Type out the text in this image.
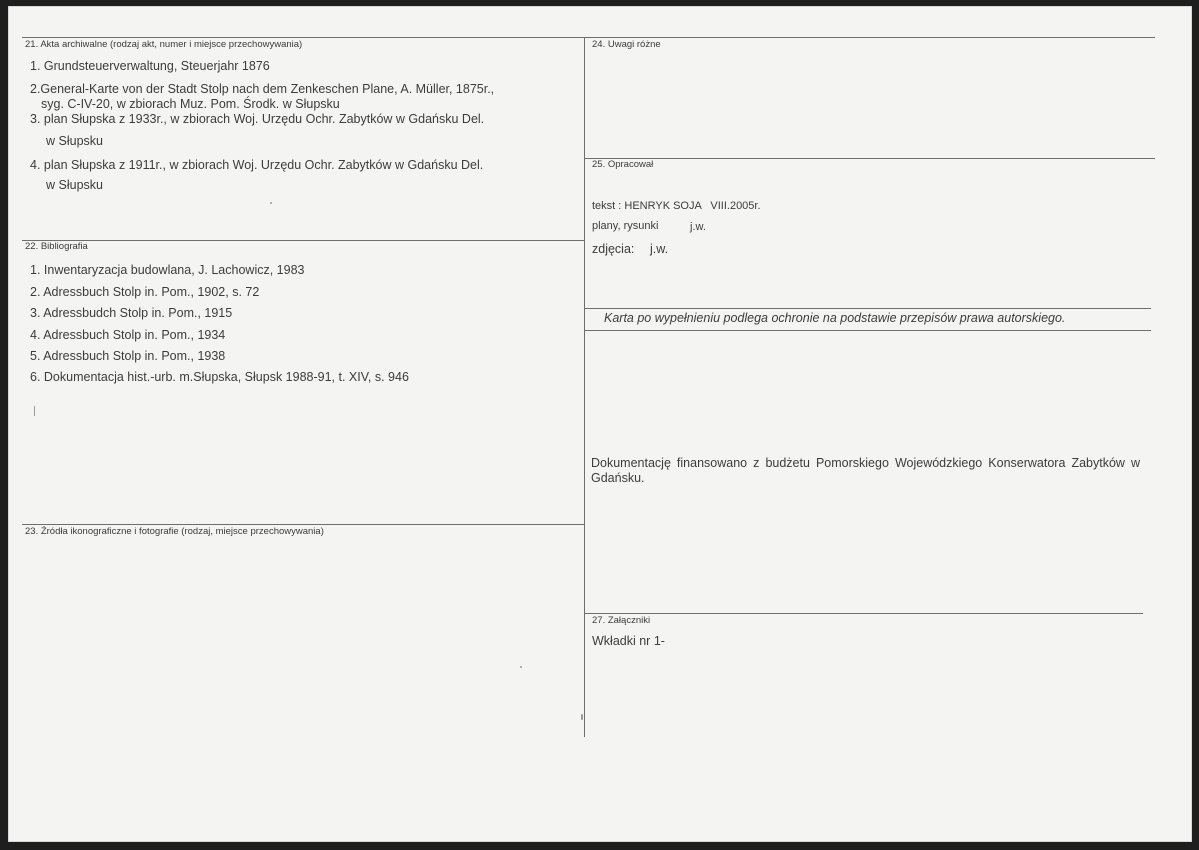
21. Akta archiwalne (rodzaj akt, numer i miejsce przechowywania)
1. Grundsteuerverwaltung, Steuerjahr 1876
2.General-Karte von der Stadt Stolp nach dem Zenkeschen Plane, A. Müller, 1875r.,
syg. C-IV-20, w zbiorach Muz. Pom. Środk. w Słupsku
3. plan Słupska z 1933r., w zbiorach Woj. Urzędu Ochr. Zabytków w Gdańsku Del.
w Słupsku
4. plan Słupska z 1911r., w zbiorach Woj. Urzędu Ochr. Zabytków w Gdańsku Del.
w Słupsku
22. Bibliografia
1. Inwentaryzacja budowlana, J. Lachowicz, 1983
2. Adressbuch Stolp in. Pom., 1902, s. 72
3. Adressbudch Stolp in. Pom., 1915
4. Adressbuch Stolp in. Pom., 1934
5. Adressbuch Stolp in. Pom., 1938
6. Dokumentacja hist.-urb. m.Słupska, Słupsk 1988-91, t. XIV, s. 946
23. Źródła ikonograficzne i fotografie (rodzaj, miejsce przechowywania)
24. Uwagi różne
25. Opracował
tekst : HENRYK SOJA   VIII.2005r.
plany, rysunki	j.w.
zdjęcia: j.w.
Karta po wypełnieniu podlega ochronie na podstawie przepisów prawa autorskiego.
Dokumentację finansowano z budżetu Pomorskiego Wojewódzkiego Konserwatora Zabytków w Gdańsku.
27. Załączniki
Wkładki nr 1-
